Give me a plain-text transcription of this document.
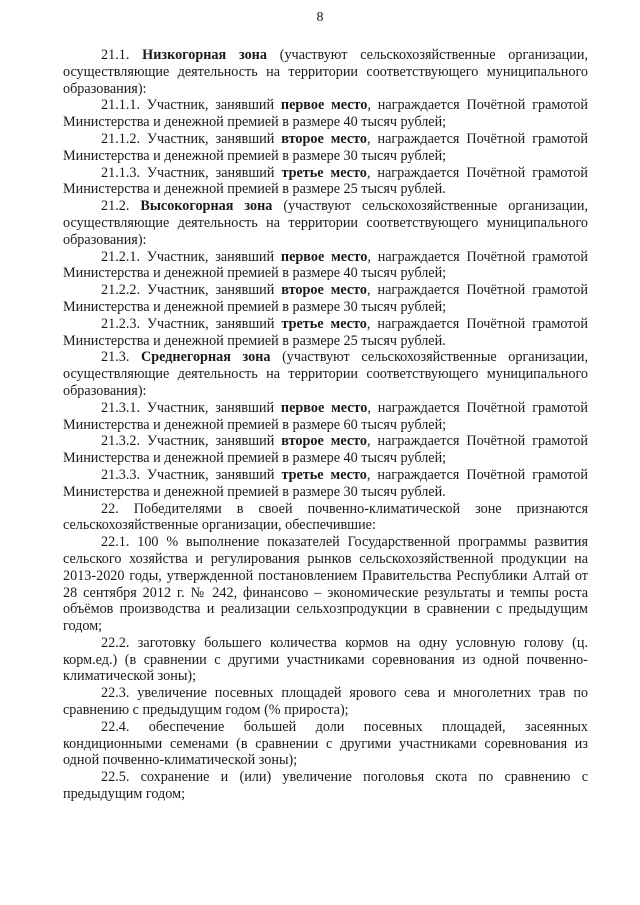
8

21.1. Низкогорная зона (участвуют сельскохозяйственные организации, осуществляющие деятельность на территории соответствующего муниципального образования):

21.1.1. Участник, занявший первое место, награждается Почётной грамотой Министерства и денежной премией в размере 40 тысяч рублей;

21.1.2. Участник, занявший второе место, награждается Почётной грамотой Министерства и денежной премией в размере 30 тысяч рублей;

21.1.3. Участник, занявший третье место, награждается Почётной грамотой Министерства и денежной премией в размере 25 тысяч рублей.

21.2. Высокогорная зона (участвуют сельскохозяйственные организации, осуществляющие деятельность на территории соответствующего муниципального образования):

21.2.1. Участник, занявший первое место, награждается Почётной грамотой Министерства и денежной премией в размере 40 тысяч рублей;

21.2.2. Участник, занявший второе место, награждается Почётной грамотой Министерства и денежной премией в размере 30 тысяч рублей;

21.2.3. Участник, занявший третье место, награждается Почётной грамотой Министерства и денежной премией в размере 25 тысяч рублей.

21.3. Среднегорная зона (участвуют сельскохозяйственные организации, осуществляющие деятельность на территории соответствующего муниципального образования):

21.3.1. Участник, занявший первое место, награждается Почётной грамотой Министерства и денежной премией в размере 60 тысяч рублей;

21.3.2. Участник, занявший второе место, награждается Почётной грамотой Министерства и денежной премией в размере 40 тысяч рублей;

21.3.3. Участник, занявший третье место, награждается Почётной грамотой Министерства и денежной премией в размере 30 тысяч рублей.

22. Победителями в своей почвенно-климатической зоне признаются сельскохозяйственные организации, обеспечившие:

22.1. 100 % выполнение показателей Государственной программы развития сельского хозяйства и регулирования рынков сельскохозяйственной продукции на 2013-2020 годы, утвержденной постановлением Правительства Республики Алтай от 28 сентября 2012 г. № 242, финансово – экономические результаты и темпы роста объёмов производства и реализации сельхозпродукции в сравнении с предыдущим годом;

22.2. заготовку большего количества кормов на одну условную голову (ц. корм.ед.) (в сравнении с другими участниками соревнования из одной почвенно-климатической зоны);

22.3. увеличение посевных площадей ярового сева и многолетних трав по сравнению с предыдущим годом (% прироста);

22.4. обеспечение большей доли посевных площадей, засеянных кондиционными семенами (в сравнении с другими участниками соревнования из одной почвенно-климатической зоны);

22.5. сохранение и (или) увеличение поголовья скота по сравнению с предыдущим годом;
